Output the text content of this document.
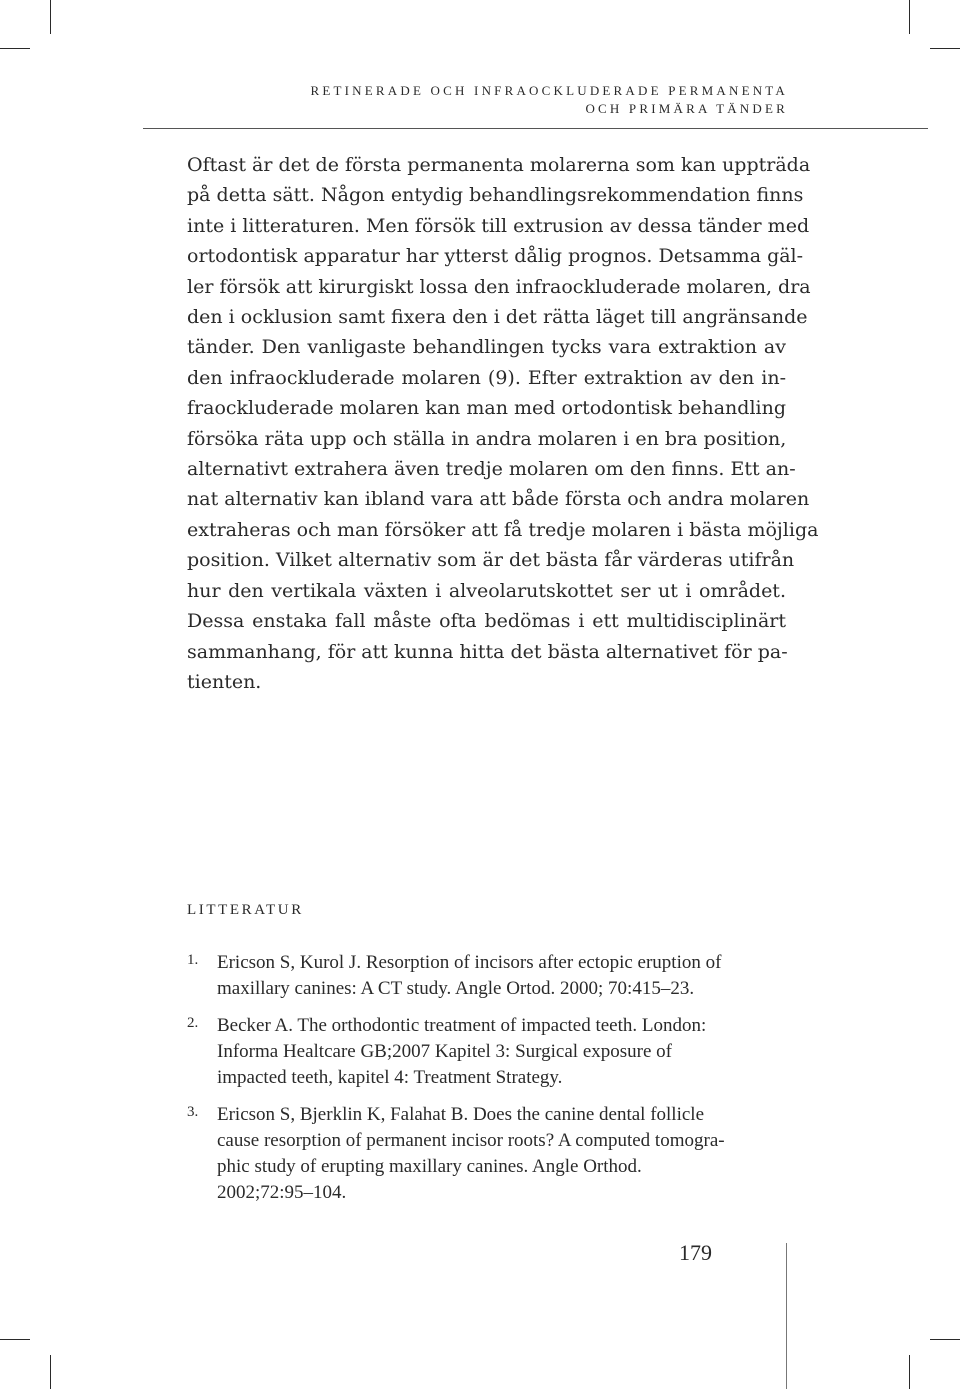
RETINERADE OCH INFRAOCKLUDERADE PERMANENTA
OCH PRIMÄRA TÄNDER
Oftast är det de första permanenta molarerna som kan uppträda
på detta sätt. Någon entydig behandlingsrekommendation finns
inte i litteraturen. Men försök till extrusion av dessa tänder med
ortodontisk apparatur har ytterst dålig prognos. Detsamma gäl-
ler försök att kirurgiskt lossa den infraockluderade molaren, dra
den i ocklusion samt fixera den i det rätta läget till angränsande
tänder. Den vanligaste behandlingen tycks vara extraktion av
den infraockluderade molaren (9). Efter extraktion av den in-
fraockluderade molaren kan man med ortodontisk behandling
försöka räta upp och ställa in andra molaren i en bra position,
alternativt extrahera även tredje molaren om den finns. Ett an-
nat alternativ kan ibland vara att både första och andra molaren
extraheras och man försöker att få tredje molaren i bästa möjliga
position. Vilket alternativ som är det bästa får värderas utifrån
hur den vertikala växten i alveolarutskottet ser ut i området.
Dessa enstaka fall måste ofta bedömas i ett multidisciplinärt
sammanhang, för att kunna hitta det bästa alternativet för pa-
tienten.
LITTERATUR
1. Ericson S, Kurol J. Resorption of incisors after ectopic eruption of
maxillary canines: A CT study. Angle Ortod. 2000; 70:415–23.
2. Becker A. The orthodontic treatment of impacted teeth. London:
Informa Healtcare GB;2007 Kapitel 3: Surgical exposure of
impacted teeth, kapitel 4: Treatment Strategy.
3. Ericson S, Bjerklin K, Falahat B. Does the canine dental follicle
cause resorption of permanent incisor roots? A computed tomogra-
phic study of erupting maxillary canines. Angle Orthod.
2002;72:95–104.
179
